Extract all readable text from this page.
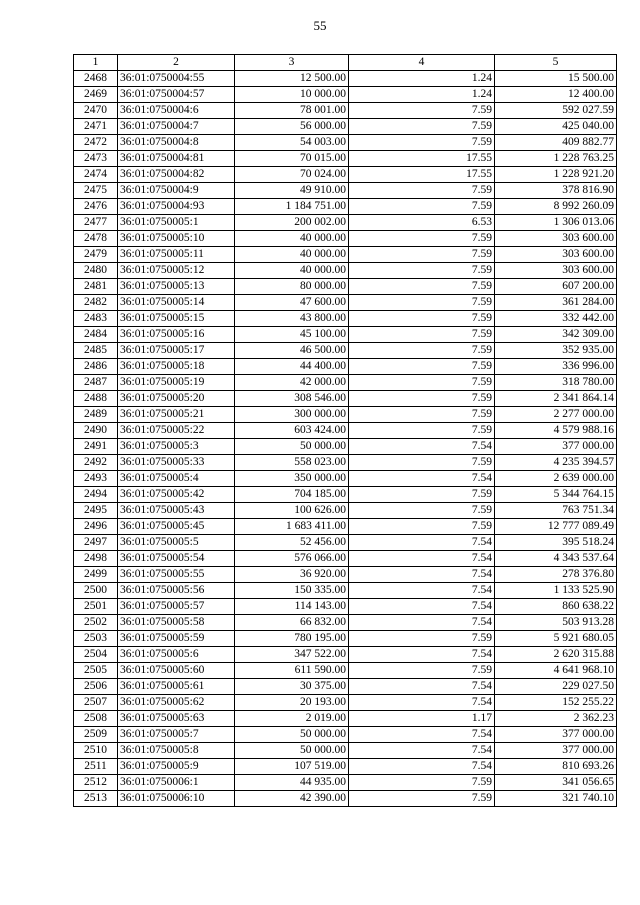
55
1	2	3	4	5
2468	36:01:0750004:55	12 500.00	1.24	15 500.00
2469	36:01:0750004:57	10 000.00	1.24	12 400.00
2470	36:01:0750004:6	78 001.00	7.59	592 027.59
2471	36:01:0750004:7	56 000.00	7.59	425 040.00
2472	36:01:0750004:8	54 003.00	7.59	409 882.77
2473	36:01:0750004:81	70 015.00	17.55	1 228 763.25
2474	36:01:0750004:82	70 024.00	17.55	1 228 921.20
2475	36:01:0750004:9	49 910.00	7.59	378 816.90
2476	36:01:0750004:93	1 184 751.00	7.59	8 992 260.09
2477	36:01:0750005:1	200 002.00	6.53	1 306 013.06
2478	36:01:0750005:10	40 000.00	7.59	303 600.00
2479	36:01:0750005:11	40 000.00	7.59	303 600.00
2480	36:01:0750005:12	40 000.00	7.59	303 600.00
2481	36:01:0750005:13	80 000.00	7.59	607 200.00
2482	36:01:0750005:14	47 600.00	7.59	361 284.00
2483	36:01:0750005:15	43 800.00	7.59	332 442.00
2484	36:01:0750005:16	45 100.00	7.59	342 309.00
2485	36:01:0750005:17	46 500.00	7.59	352 935.00
2486	36:01:0750005:18	44 400.00	7.59	336 996.00
2487	36:01:0750005:19	42 000.00	7.59	318 780.00
2488	36:01:0750005:20	308 546.00	7.59	2 341 864.14
2489	36:01:0750005:21	300 000.00	7.59	2 277 000.00
2490	36:01:0750005:22	603 424.00	7.59	4 579 988.16
2491	36:01:0750005:3	50 000.00	7.54	377 000.00
2492	36:01:0750005:33	558 023.00	7.59	4 235 394.57
2493	36:01:0750005:4	350 000.00	7.54	2 639 000.00
2494	36:01:0750005:42	704 185.00	7.59	5 344 764.15
2495	36:01:0750005:43	100 626.00	7.59	763 751.34
2496	36:01:0750005:45	1 683 411.00	7.59	12 777 089.49
2497	36:01:0750005:5	52 456.00	7.54	395 518.24
2498	36:01:0750005:54	576 066.00	7.54	4 343 537.64
2499	36:01:0750005:55	36 920.00	7.54	278 376.80
2500	36:01:0750005:56	150 335.00	7.54	1 133 525.90
2501	36:01:0750005:57	114 143.00	7.54	860 638.22
2502	36:01:0750005:58	66 832.00	7.54	503 913.28
2503	36:01:0750005:59	780 195.00	7.59	5 921 680.05
2504	36:01:0750005:6	347 522.00	7.54	2 620 315.88
2505	36:01:0750005:60	611 590.00	7.59	4 641 968.10
2506	36:01:0750005:61	30 375.00	7.54	229 027.50
2507	36:01:0750005:62	20 193.00	7.54	152 255.22
2508	36:01:0750005:63	2 019.00	1.17	2 362.23
2509	36:01:0750005:7	50 000.00	7.54	377 000.00
2510	36:01:0750005:8	50 000.00	7.54	377 000.00
2511	36:01:0750005:9	107 519.00	7.54	810 693.26
2512	36:01:0750006:1	44 935.00	7.59	341 056.65
2513	36:01:0750006:10	42 390.00	7.59	321 740.10
